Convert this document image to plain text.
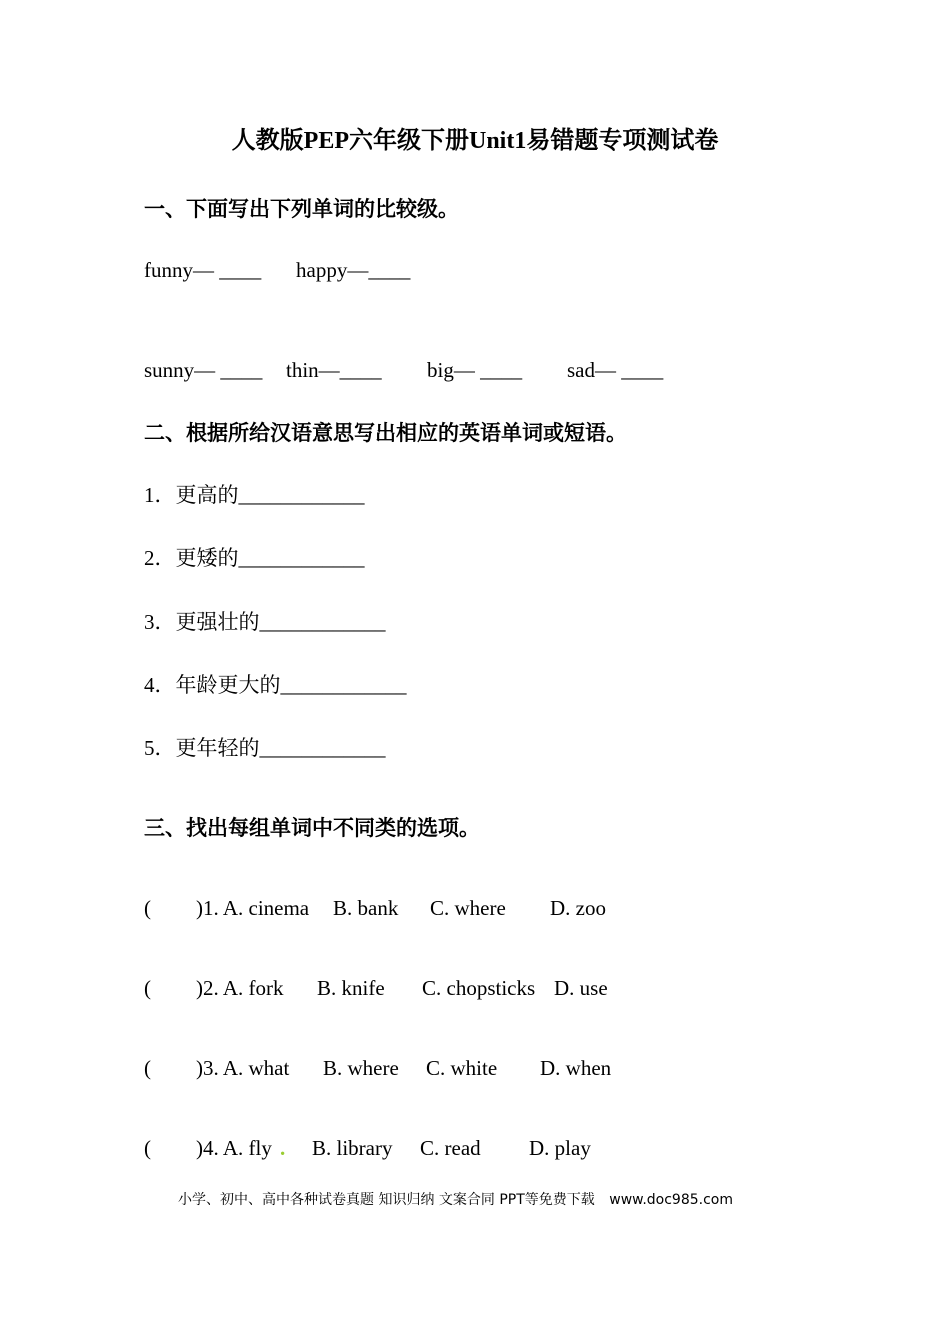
人教版PEP六年级下册Unit1易错题专项测试卷
一、下面写出下列单词的比较级。
funny— ____ happy—____
sunny— ____ thin—____ big— ____ sad— ____
二、根据所给汉语意思写出相应的英语单词或短语。
1．更高的____________
2．更矮的____________
3．更强壮的____________
4．年龄更大的____________
5．更年轻的____________
三、找出每组单词中不同类的选项。
( )1. A. cinema B. bank C. where D. zoo
( )2. A. fork B. knife C. chopsticks D. use
( )3. A. what B. where C. white D. when
( )4. A. fly . B. library C. read D. play
小学、初中、高中各种试卷真题 知识归纳 文案合同 PPT等免费下载 www.doc985.com
